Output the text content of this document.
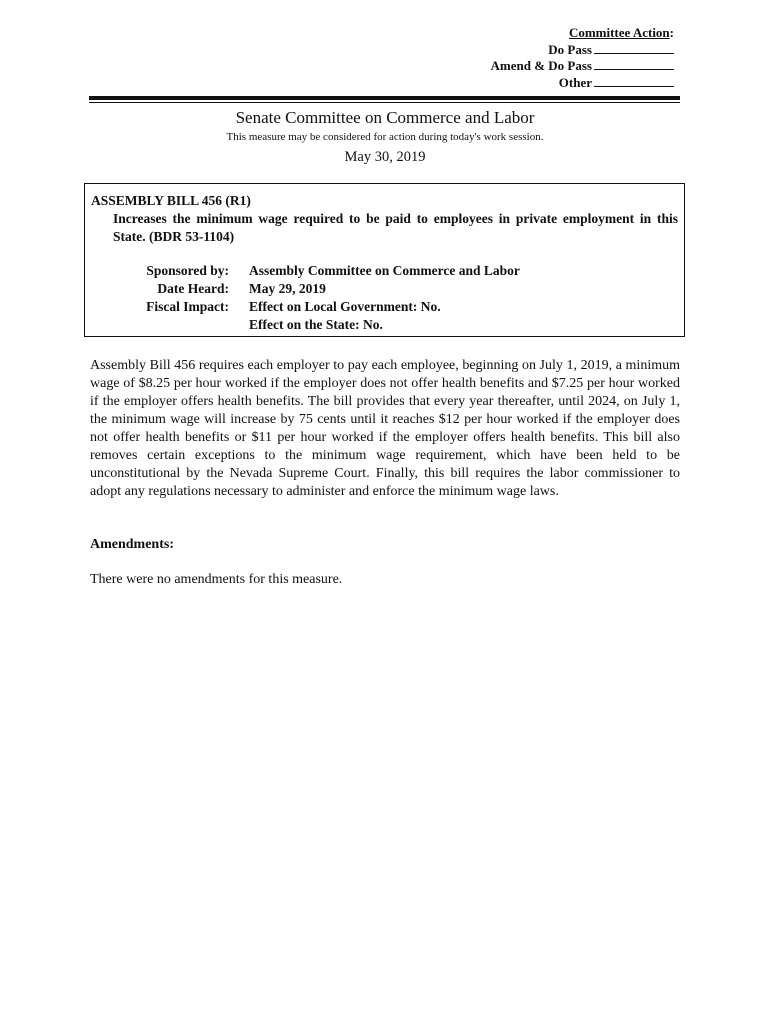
Committee Action:
Do Pass
Amend & Do Pass
Other
Senate Committee on Commerce and Labor
This measure may be considered for action during today's work session.
May 30, 2019
ASSEMBLY BILL 456 (R1)
Increases the minimum wage required to be paid to employees in private employment in this State. (BDR 53-1104)
Sponsored by: Assembly Committee on Commerce and Labor
Date Heard: May 29, 2019
Fiscal Impact: Effect on Local Government: No.
Effect on the State: No.

Assembly Bill 456 requires each employer to pay each employee, beginning on July 1, 2019, a minimum wage of $8.25 per hour worked if the employer does not offer health benefits and $7.25 per hour worked if the employer offers health benefits. The bill provides that every year thereafter, until 2024, on July 1, the minimum wage will increase by 75 cents until it reaches $12 per hour worked if the employer does not offer health benefits or $11 per hour worked if the employer offers health benefits. This bill also removes certain exceptions to the minimum wage requirement, which have been held to be unconstitutional by the Nevada Supreme Court. Finally, this bill requires the labor commissioner to adopt any regulations necessary to administer and enforce the minimum wage laws.

Amendments:
There were no amendments for this measure.
